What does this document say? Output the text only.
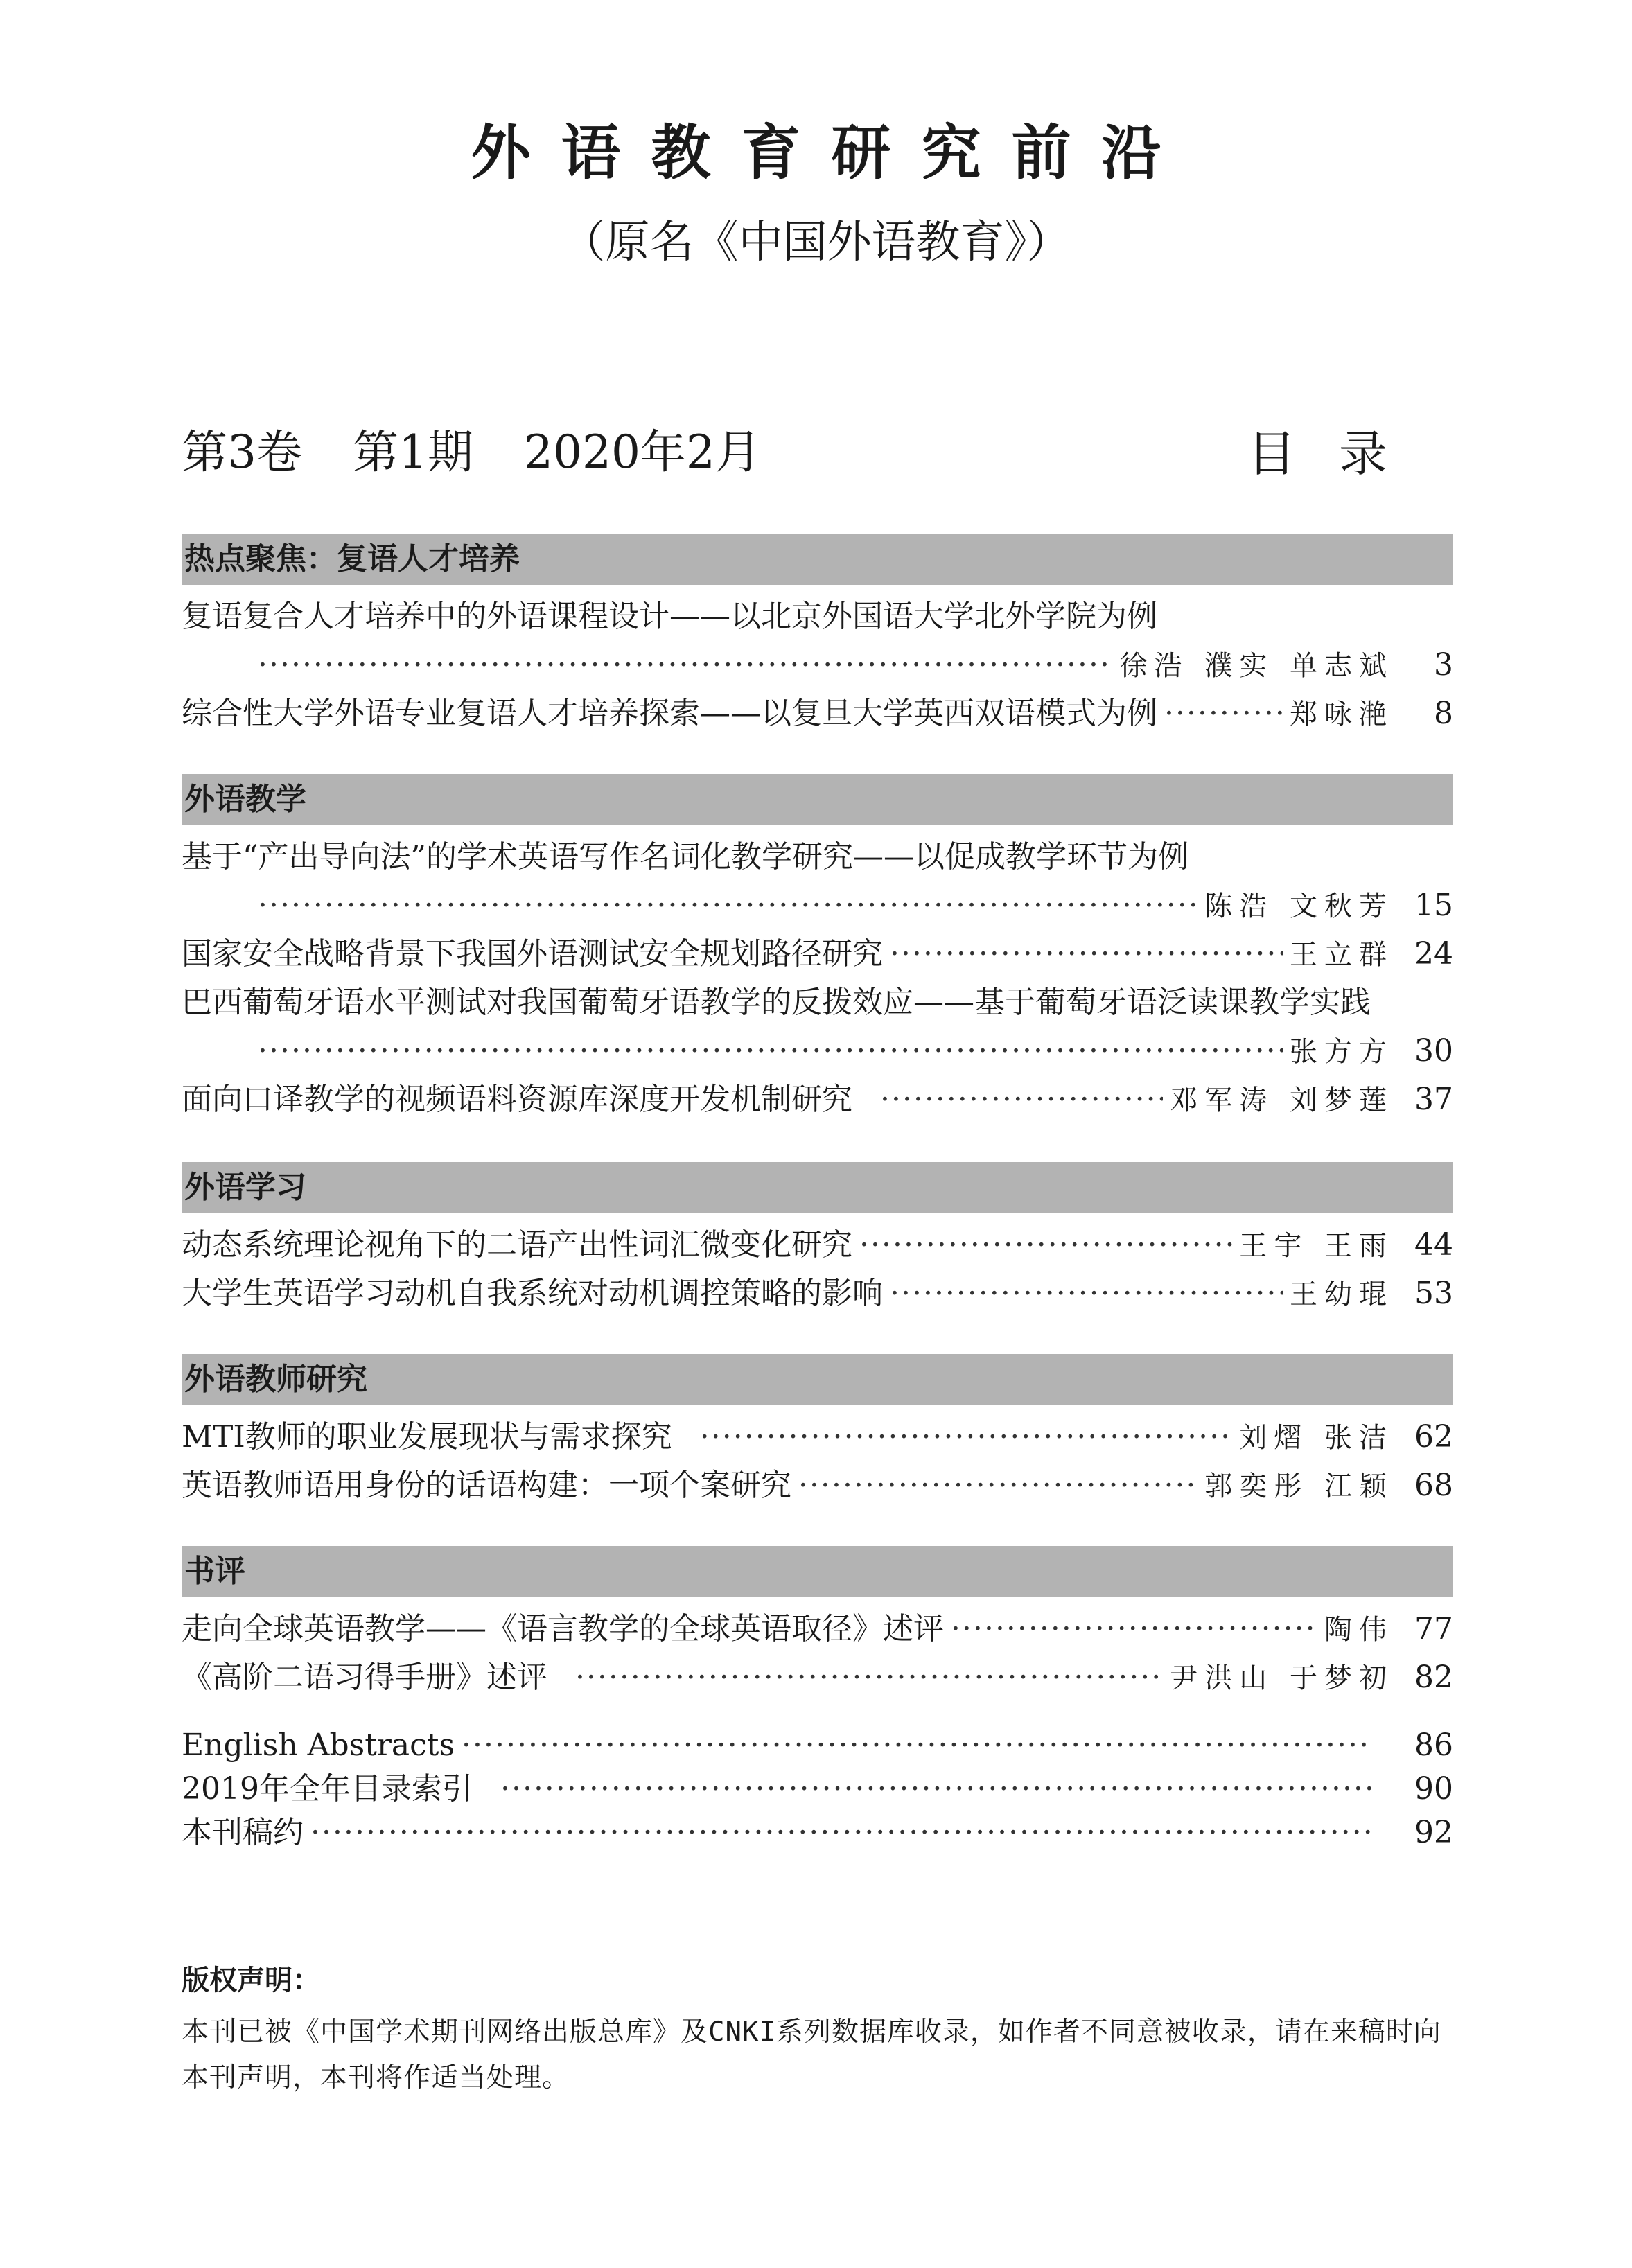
外语教育研究前沿
（原名《中国外语教育》）
第3卷 第1期 2020年2月	目录
热点聚焦：复语人才培养
复语复合人才培养中的外语课程设计——以北京外国语大学北外学院为例
·····
徐浩 濮实 单志斌	3
综合性大学外语专业复语人才培养探索——以复旦大学英西双语模式为例 ·····	郑咏滟	8
外语教学
基于“产出导向法”的学术英语写作名词化教学研究——以促成教学环节为例
·····
陈浩 文秋芳 15
国家安全战略背景下我国外语测试安全规划路径研究 ·····	王立群 24
巴西葡萄牙语水平测试对我国葡萄牙语教学的反拨效应——基于葡萄牙语泛读课教学实践
·····
张方方 30
面向口译教学的视频语料资源库深度开发机制研究 ·····	邓军涛 刘梦莲 37
外语学习
动态系统理论视角下的二语产出性词汇微变化研究 ·····	王宇 王雨 44
大学生英语学习动机自我系统对动机调控策略的影响 ·····	王幼琨 53
外语教师研究
MTI教师的职业发展现状与需求探究 ·····	刘熠 张洁 62
英语教师语用身份的话语构建：一项个案研究 ·····	郭奕彤 江颖 68
书评
走向全球英语教学——《语言教学的全球英语取径》述评 ·····	陶伟 77
《高阶二语习得手册》述评 ·····	尹洪山 于梦初 82
English Abstracts ·····	86
2019年全年目录索引 ·····	90
本刊稿约 ·····	92
版权声明：
本刊已被《中国学术期刊网络出版总库》及CNKI系列数据库收录，如作者不同意被收录，请在来稿时向本刊声明，本刊将作适当处理。
